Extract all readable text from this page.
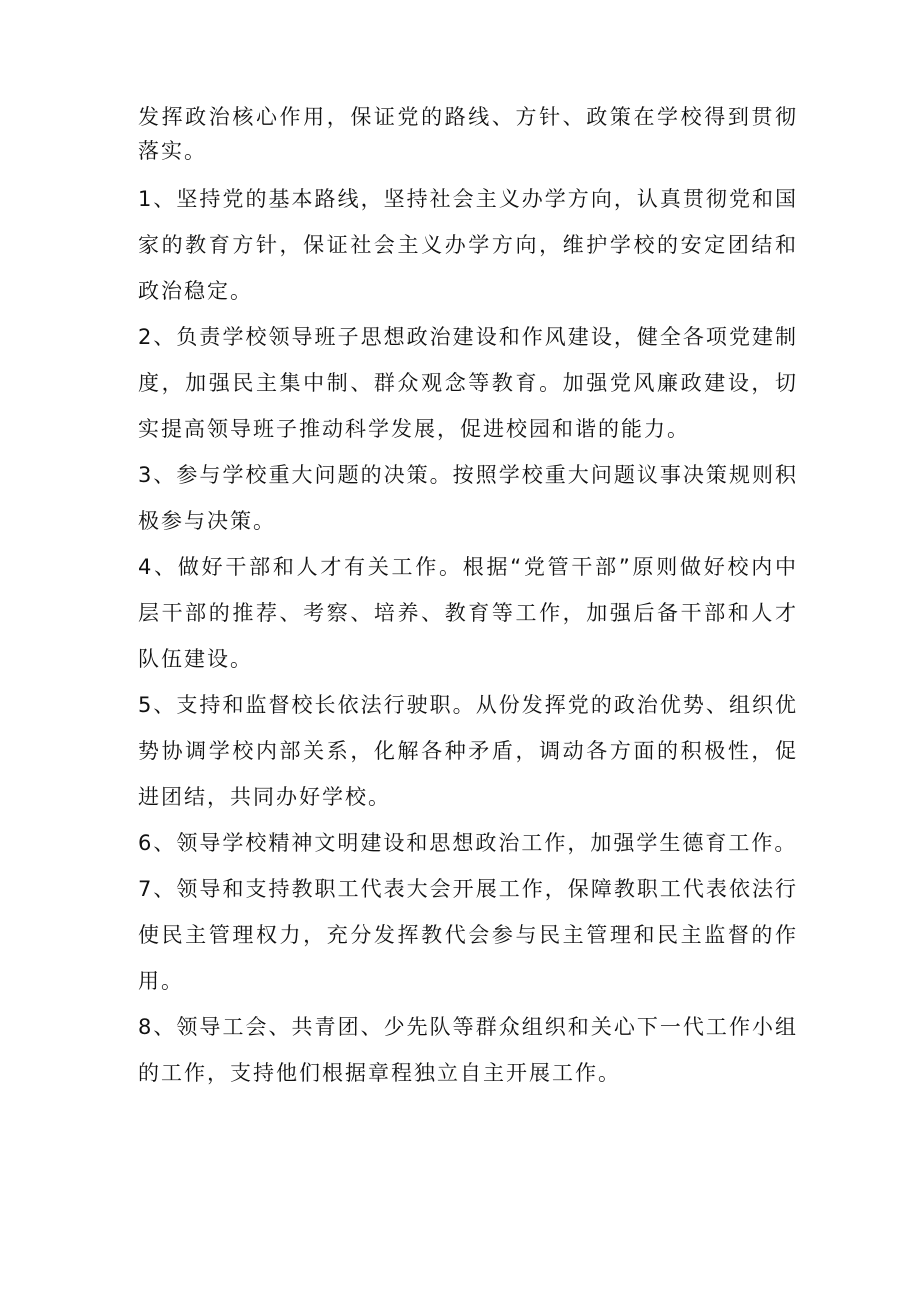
发挥政治核心作用，保证党的路线、方针、政策在学校得到贯彻落实。

1、坚持党的基本路线，坚持社会主义办学方向，认真贯彻党和国家的教育方针，保证社会主义办学方向，维护学校的安定团结和政治稳定。

2、负责学校领导班子思想政治建设和作风建设，健全各项党建制度，加强民主集中制、群众观念等教育。加强党风廉政建设，切实提高领导班子推动科学发展，促进校园和谐的能力。

3、参与学校重大问题的决策。按照学校重大问题议事决策规则积极参与决策。

4、做好干部和人才有关工作。根据“党管干部”原则做好校内中层干部的推荐、考察、培养、教育等工作，加强后备干部和人才队伍建设。

5、支持和监督校长依法行驶职。从份发挥党的政治优势、组织优势协调学校内部关系，化解各种矛盾，调动各方面的积极性，促进团结，共同办好学校。

6、领导学校精神文明建设和思想政治工作，加强学生德育工作。

7、领导和支持教职工代表大会开展工作，保障教职工代表依法行使民主管理权力，充分发挥教代会参与民主管理和民主监督的作用。

8、领导工会、共青团、少先队等群众组织和关心下一代工作小组的工作，支持他们根据章程独立自主开展工作。
